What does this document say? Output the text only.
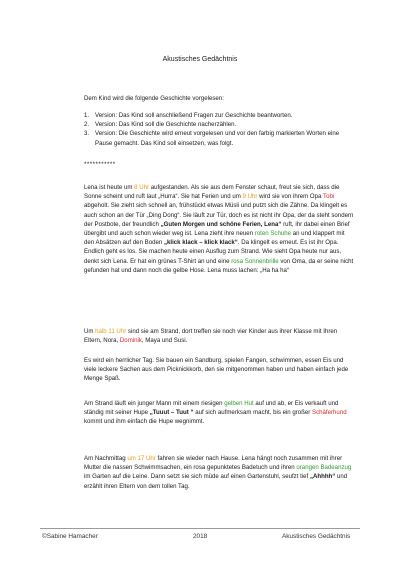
Akustisches Gedächtnis

Dem Kind wird die folgende Geschichte vorgelesen:

1. Version: Das Kind soll anschließend Fragen zur Geschichte beantworten.
2. Version: Das Kind soll die Geschichte nacherzählen.
3. Version: Die Geschichte wird erneut vorgelesen und vor den farbig markierten Worten eine Pause gemacht. Das Kind soll einsetzen, was folgt.

***********

Lena ist heute um 8 Uhr aufgestanden. Als sie aus dem Fenster schaut, freut sie sich, dass die Sonne scheint und ruft laut „Hurra“. Sie hat Ferien und um 9 Uhr wird sie von ihrem Opa Tobi abgeholt. Sie zieht sich schnell an, frühstückt etwas Müsli und putzt sich die Zähne. Da klingelt es auch schon an der Tür „Ding Dong“. Sie läuft zur Tür, doch es ist nicht ihr Opa, der da steht sondern der Postbote, der freundlich „Guten Morgen und schöne Ferien, Lena“ ruft, ihr dabei einen Brief übergibt und auch schon wieder weg ist. Lena zieht ihre neuen roten Schuhe an und klappert mit den Absätzen auf den Boden „klick klack – klick klack“. Da klingelt es erneut. Es ist ihr Opa. Endlich geht es los. Sie machen heute einen Ausflug zum Strand. Wie sieht Opa heute nur aus, denkt sich Lena. Er hat ein grünes T-Shirt an und eine rosa Sonnenbrille von Oma, da er seine nicht gefunden hat und dann noch die gelbe Hose. Lena muss lachen: „Ha ha ha“

Um halb 11 Uhr sind sie am Strand, dort treffen sie noch vier Kinder aus ihrer Klasse mit Ihren Eltern, Nora, Dominik, Maya und Susi.

Es wird ein herrlicher Tag. Sie bauen ein Sandburg, spielen Fangen, schwimmen, essen Eis und viele leckere Sachen aus dem Picknickkorb, den sie mitgenommen haben und haben einfach jede Menge Spaß.

Am Strand läuft ein junger Mann mit einem riesigen gelben Hut auf und ab, er Eis verkauft und ständig mit seiner Hupe „Tuuut – Tuut “ auf sich aufmerksam macht, bis ein großer Schäferhund kommt und ihm einfach die Hupe wegnimmt.

Am Nachmittag um 17 Uhr fahren sie wieder nach Hause. Lena hängt noch zusammen mit ihrer Mutter die nassen Schwimmsachen, ein rosa gepunktetes Badetuch und ihren orangen Badeanzug im Garten auf die Leine. Dann setzt sie sich müde auf einen Gartenstuhl, seufzt tief „Ahhhh“ und erzählt ihren Eltern von dem tollen Tag.

©Sabine Hamacher	2018	Akustisches Gedächtnis
